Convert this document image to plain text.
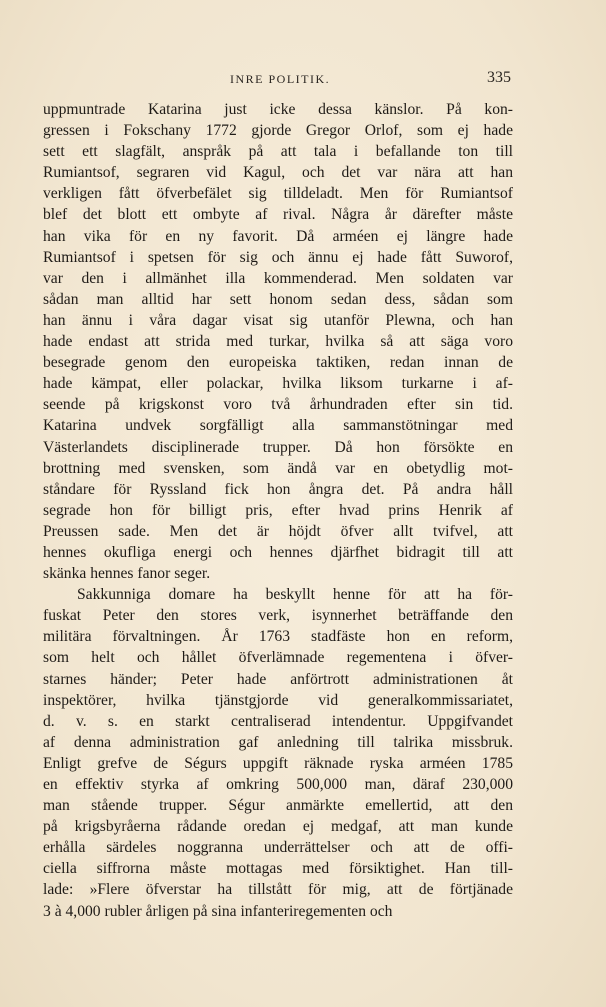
INRE POLITIK.	335
uppmuntrade Katarina just icke dessa känslor. På kon-
gressen i Fokschany 1772 gjorde Gregor Orlof, som ej hade
sett ett slagfält, anspråk på att tala i befallande ton till
Rumiantsof, segraren vid Kagul, och det var nära att han
verkligen fått öfverbefälet sig tilldeladt. Men för Rumiantsof
blef det blott ett ombyte af rival. Några år därefter måste
han vika för en ny favorit. Då arméen ej längre hade
Rumiantsof i spetsen för sig och ännu ej hade fått Suworof,
var den i allmänhet illa kommenderad. Men soldaten var
sådan man alltid har sett honom sedan dess, sådan som
han ännu i våra dagar visat sig utanför Plewna, och han
hade endast att strida med turkar, hvilka så att säga voro
besegrade genom den europeiska taktiken, redan innan de
hade kämpat, eller polackar, hvilka liksom turkarne i af-
seende på krigskonst voro två århundraden efter sin tid.
Katarina undvek sorgfälligt alla sammanstötningar med
Västerlandets disciplinerade trupper. Då hon försökte en
brottning med svensken, som ändå var en obetydlig mot-
ståndare för Ryssland fick hon ångra det. På andra håll
segrade hon för billigt pris, efter hvad prins Henrik af
Preussen sade. Men det är höjdt öfver allt tvifvel, att
hennes okufliga energi och hennes djärfhet bidragit till att
skänka hennes fanor seger.
Sakkunniga domare ha beskyllt henne för att ha för-
fuskat Peter den stores verk, isynnerhet beträffande den
militära förvaltningen. År 1763 stadfäste hon en reform,
som helt och hållet öfverlämnade regementena i öfver-
starnes händer; Peter hade anförtrott administrationen åt
inspektörer, hvilka tjänstgjorde vid generalkommissariatet,
d. v. s. en starkt centraliserad intendentur. Uppgifvandet
af denna administration gaf anledning till talrika missbruk.
Enligt grefve de Ségurs uppgift räknade ryska arméen 1785
en effektiv styrka af omkring 500,000 man, däraf 230,000
man stående trupper. Ségur anmärkte emellertid, att den
på krigsbyråerna rådande oredan ej medgaf, att man kunde
erhålla särdeles noggranna underrättelser och att de offi-
ciella siffrorna måste mottagas med försiktighet. Han till-
lade: »Flere öfverstar ha tillstått för mig, att de förtjänade
3 à 4,000 rubler årligen på sina infanteriregementen och
